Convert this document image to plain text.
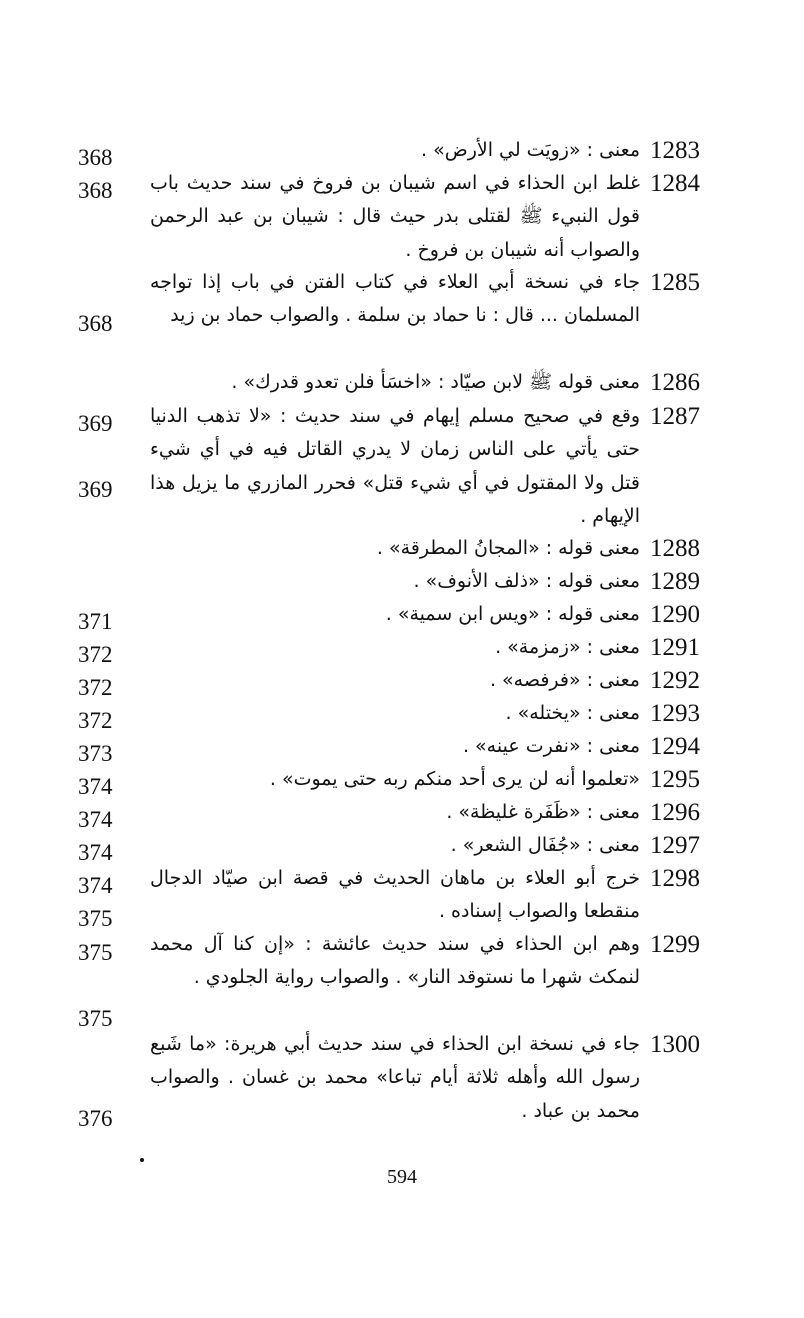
1283
معنى : «زويَت لي الأرض» .
368
1284
غلط ابن الحذاء في اسم شيبان بن فروخ في سند حديث باب قول النبيء ﷺ لقتلى بدر حيث قال : شيبان بن عبد الرحمن والصواب أنه شيبان بن فروخ .
368
1285
جاء في نسخة أبي العلاء في كتاب الفتن في باب إذا تواجه المسلمان ... قال : نا حماد بن سلمة . والصواب حماد بن زيد
368
1286
معنى قوله ﷺ لابن صيّاد : «اخسَأ فلن تعدو قدرك» .
1287
وقع في صحيح مسلم إيهام في سند حديث : «لا تذهب الدنيا حتى يأتي على الناس زمان لا يدري القاتل فيه في أي شيء قتل ولا المقتول في أي شيء قتل» فحرر المازري ما يزيل هذا الإيهام .
369
369
1288
معنى قوله : «المجانُ المطرقة» .
1289
معنى قوله : «ذلف الأنوف» .
1290
معنى قوله : «ويس ابن سمية» .
371
1291
معنى : «زمزمة» .
372
1292
معنى : «فرفصه» .
372
1293
معنى : «يختله» .
372
1294
معنى : «نفرت عينه» .
373
1295
«تعلموا أنه لن يرى أحد منكم ربه حتى يموت» .
374
1296
معنى : «ظَفَرة غليظة» .
374
1297
معنى : «جُفَال الشعر» .
374
1298
خرج أبو العلاء بن ماهان الحديث في قصة ابن صيّاد الدجال منقطعا والصواب إسناده .
374
375
1299
وهم ابن الحذاء في سند حديث عائشة : «إن كنا آل محمد لنمكث شهرا ما نستوقد النار» . والصواب رواية الجلودي .
375
375
1300
جاء في نسخة ابن الحذاء في سند حديث أبي هريرة: «ما شَبع رسول الله وأهله ثلاثة أيام تباعا» محمد بن غسان . والصواب محمد بن عباد .
376
594
